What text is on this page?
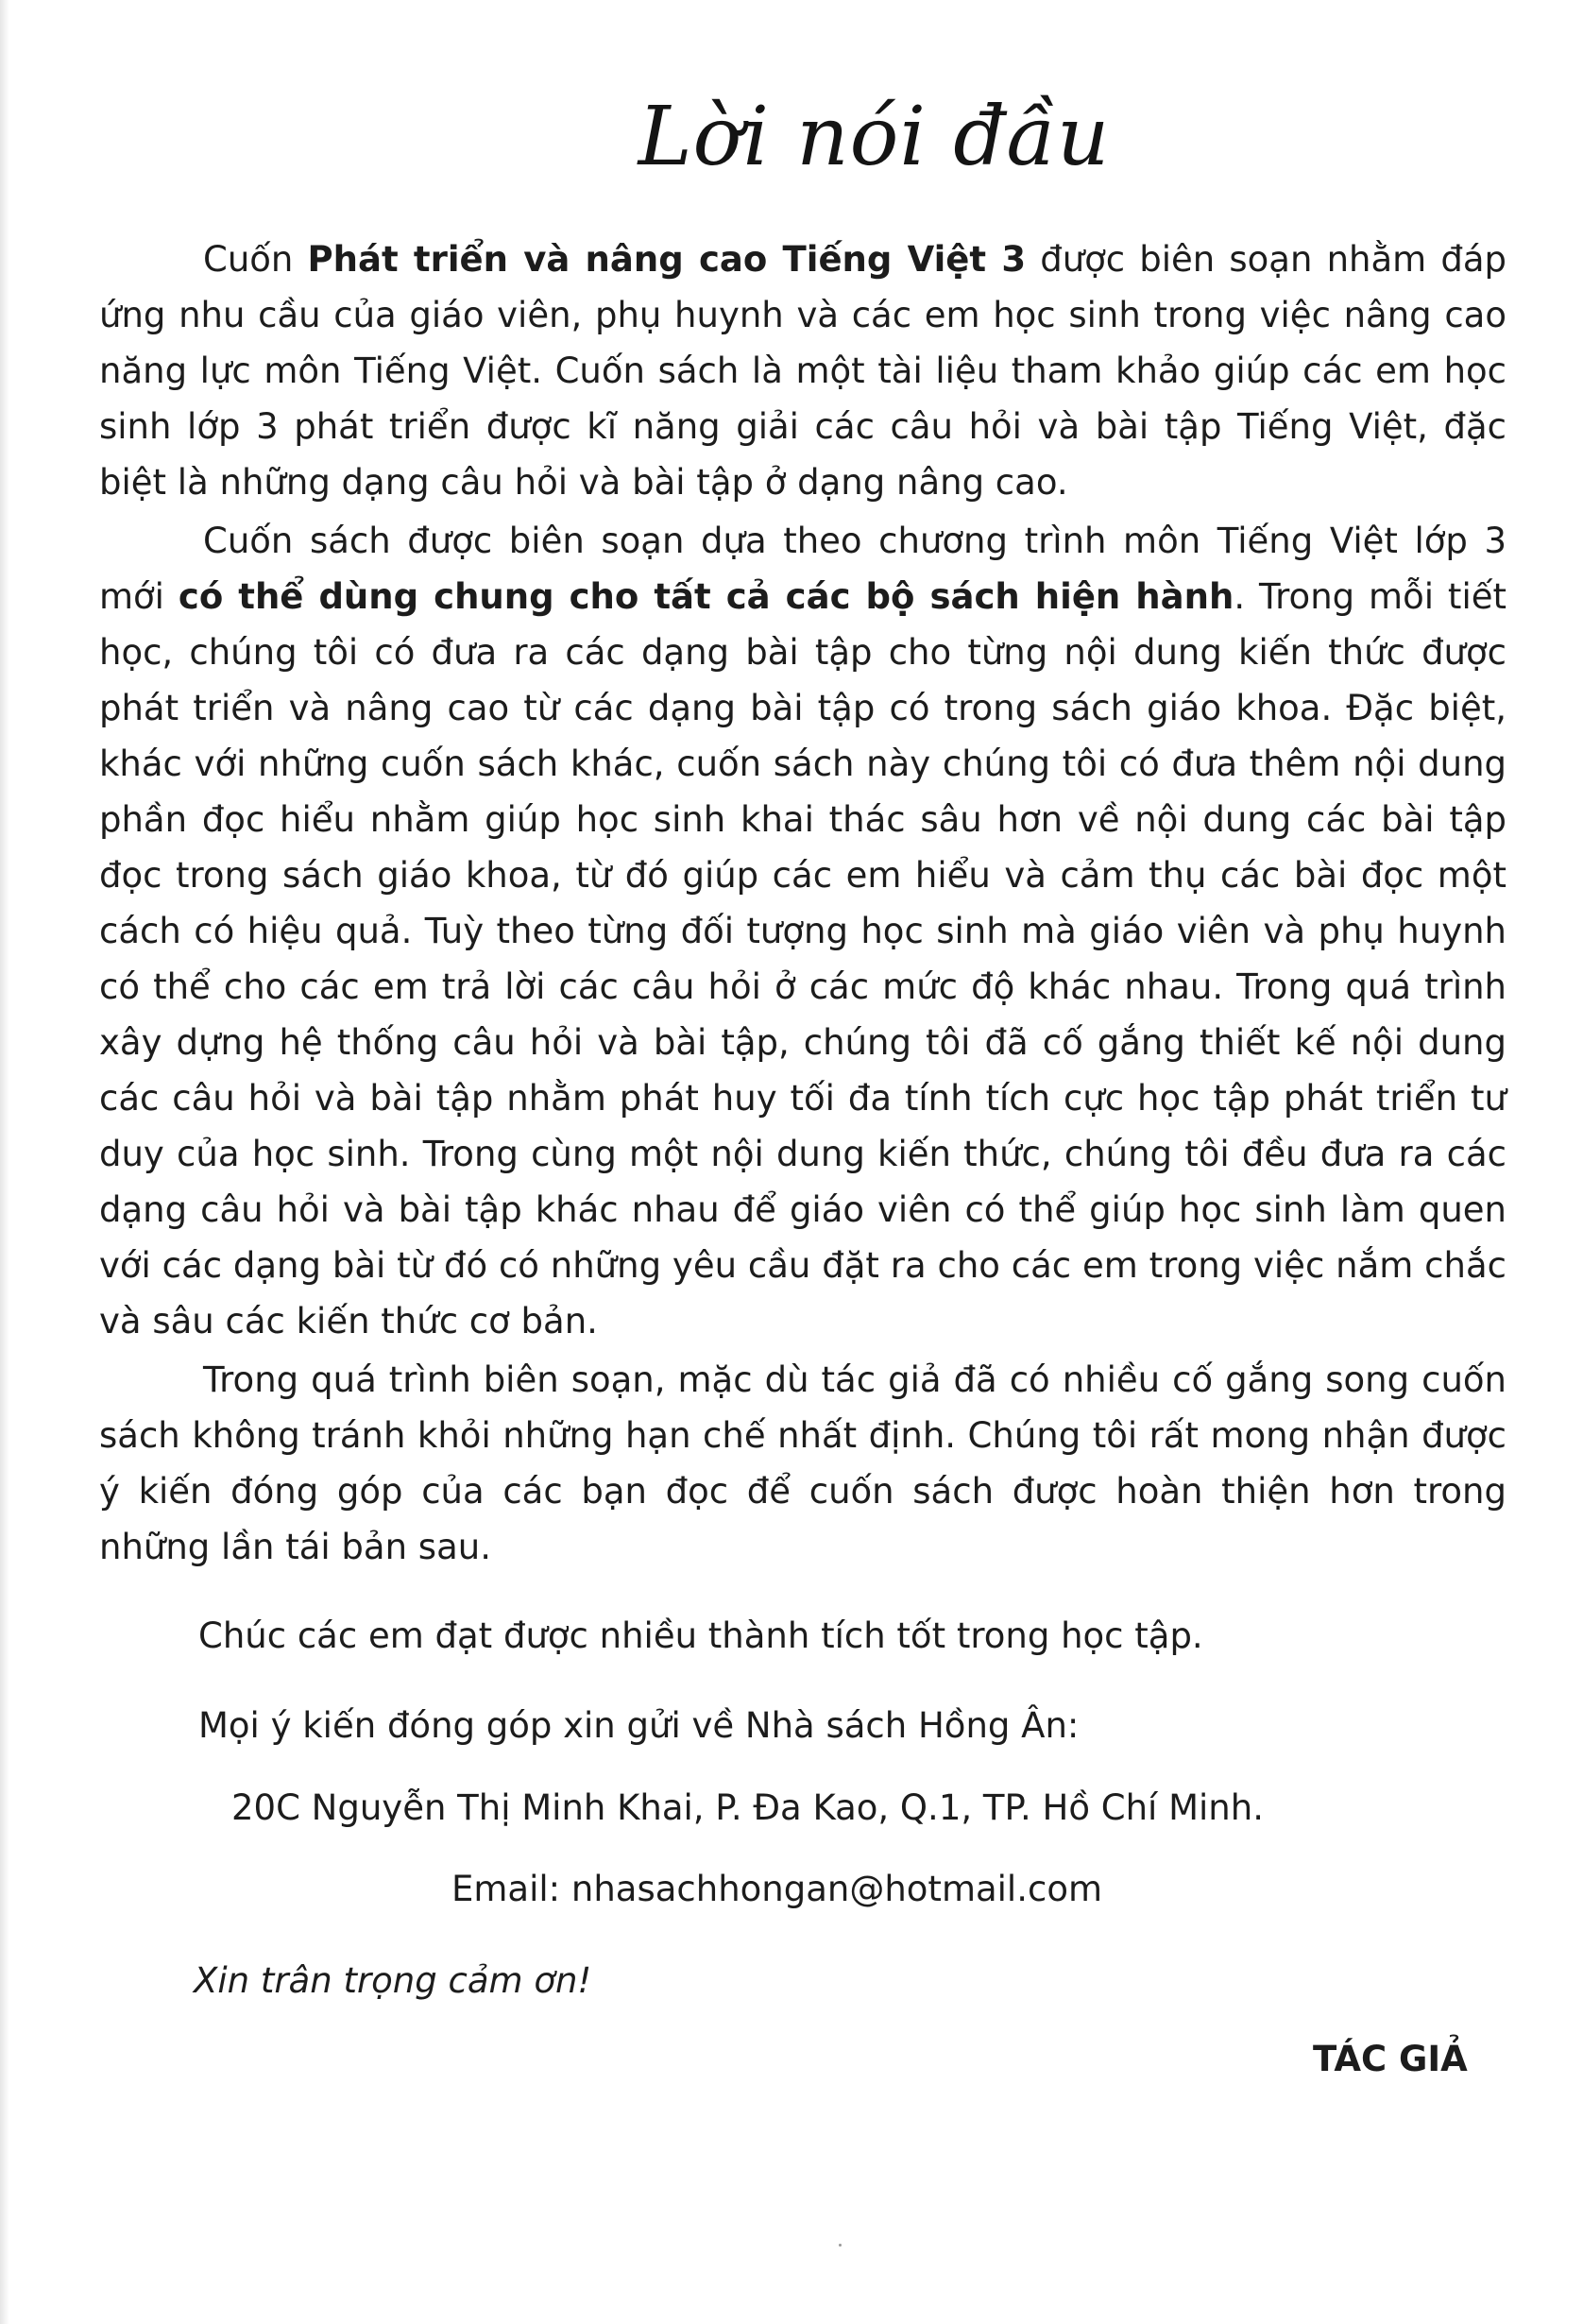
Lời nói đầu

Cuốn Phát triển và nâng cao Tiếng Việt 3 được biên soạn nhằm đáp ứng nhu cầu của giáo viên, phụ huynh và các em học sinh trong việc nâng cao năng lực môn Tiếng Việt. Cuốn sách là một tài liệu tham khảo giúp các em học sinh lớp 3 phát triển được kĩ năng giải các câu hỏi và bài tập Tiếng Việt, đặc biệt là những dạng câu hỏi và bài tập ở dạng nâng cao.

Cuốn sách được biên soạn dựa theo chương trình môn Tiếng Việt lớp 3 mới có thể dùng chung cho tất cả các bộ sách hiện hành. Trong mỗi tiết học, chúng tôi có đưa ra các dạng bài tập cho từng nội dung kiến thức được phát triển và nâng cao từ các dạng bài tập có trong sách giáo khoa. Đặc biệt, khác với những cuốn sách khác, cuốn sách này chúng tôi có đưa thêm nội dung phần đọc hiểu nhằm giúp học sinh khai thác sâu hơn về nội dung các bài tập đọc trong sách giáo khoa, từ đó giúp các em hiểu và cảm thụ các bài đọc một cách có hiệu quả. Tuỳ theo từng đối tượng học sinh mà giáo viên và phụ huynh có thể cho các em trả lời các câu hỏi ở các mức độ khác nhau. Trong quá trình xây dựng hệ thống câu hỏi và bài tập, chúng tôi đã cố gắng thiết kế nội dung các câu hỏi và bài tập nhằm phát huy tối đa tính tích cực học tập phát triển tư duy của học sinh. Trong cùng một nội dung kiến thức, chúng tôi đều đưa ra các dạng câu hỏi và bài tập khác nhau để giáo viên có thể giúp học sinh làm quen với các dạng bài từ đó có những yêu cầu đặt ra cho các em trong việc nắm chắc và sâu các kiến thức cơ bản.

Trong quá trình biên soạn, mặc dù tác giả đã có nhiều cố gắng song cuốn sách không tránh khỏi những hạn chế nhất định. Chúng tôi rất mong nhận được ý kiến đóng góp của các bạn đọc để cuốn sách được hoàn thiện hơn trong những lần tái bản sau.

Chúc các em đạt được nhiều thành tích tốt trong học tập.
Mọi ý kiến đóng góp xin gửi về Nhà sách Hồng Ân:
20C Nguyễn Thị Minh Khai, P. Đa Kao, Q.1, TP. Hồ Chí Minh.
Email: nhasachhongan@hotmail.com
Xin trân trọng cảm ơn!
TÁC GIẢ
